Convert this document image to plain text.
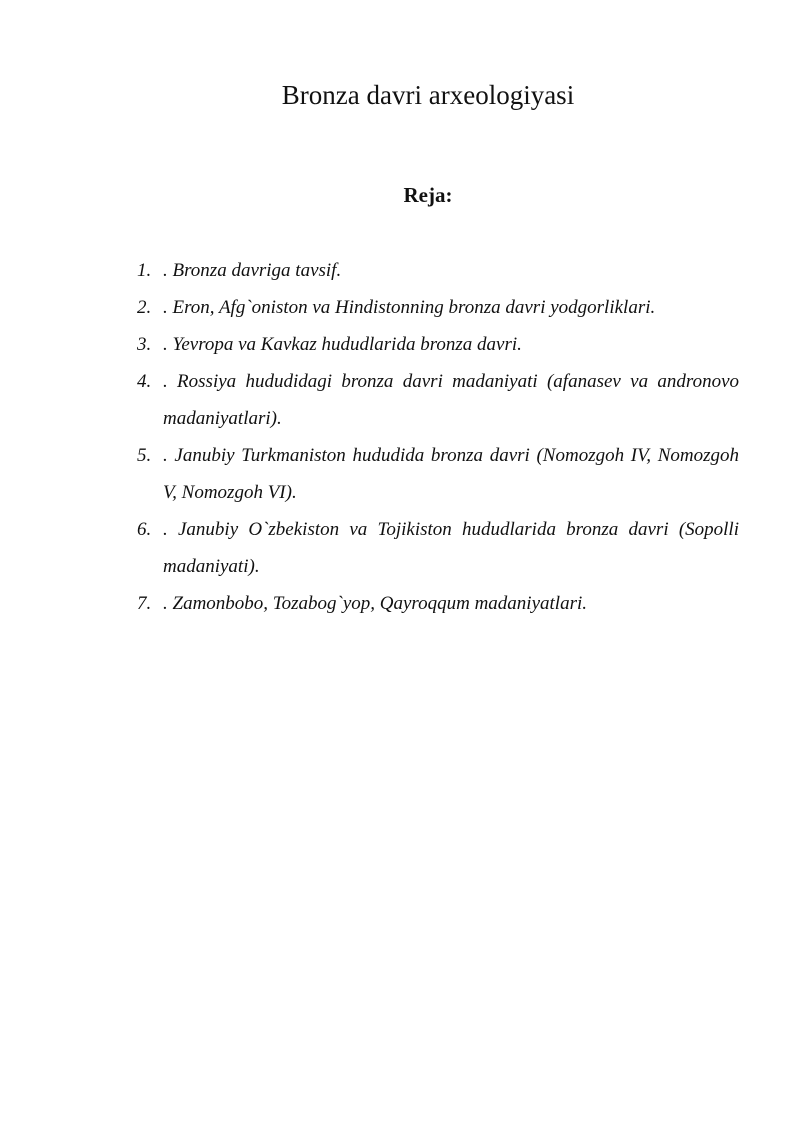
Bronza davri arxeologiyasi
Reja:
1. . Bronza davriga tavsif.
2. . Eron, Afg`oniston va Hindistonning bronza davri yodgorliklari.
3. . Yevropa va Kavkaz hududlarida bronza davri.
4. . Rossiya hududidagi bronza davri madaniyati (afanasev va andronovo madaniyatlari).
5. . Janubiy Turkmaniston hududida bronza davri (Nomozgoh IV, Nomozgoh V, Nomozgoh VI).
6. . Janubiy O`zbekiston va Tojikiston hududlarida bronza davri (Sopolli madaniyati).
7. . Zamonbobo, Tozabog`yop, Qayroqqum madaniyatlari.
